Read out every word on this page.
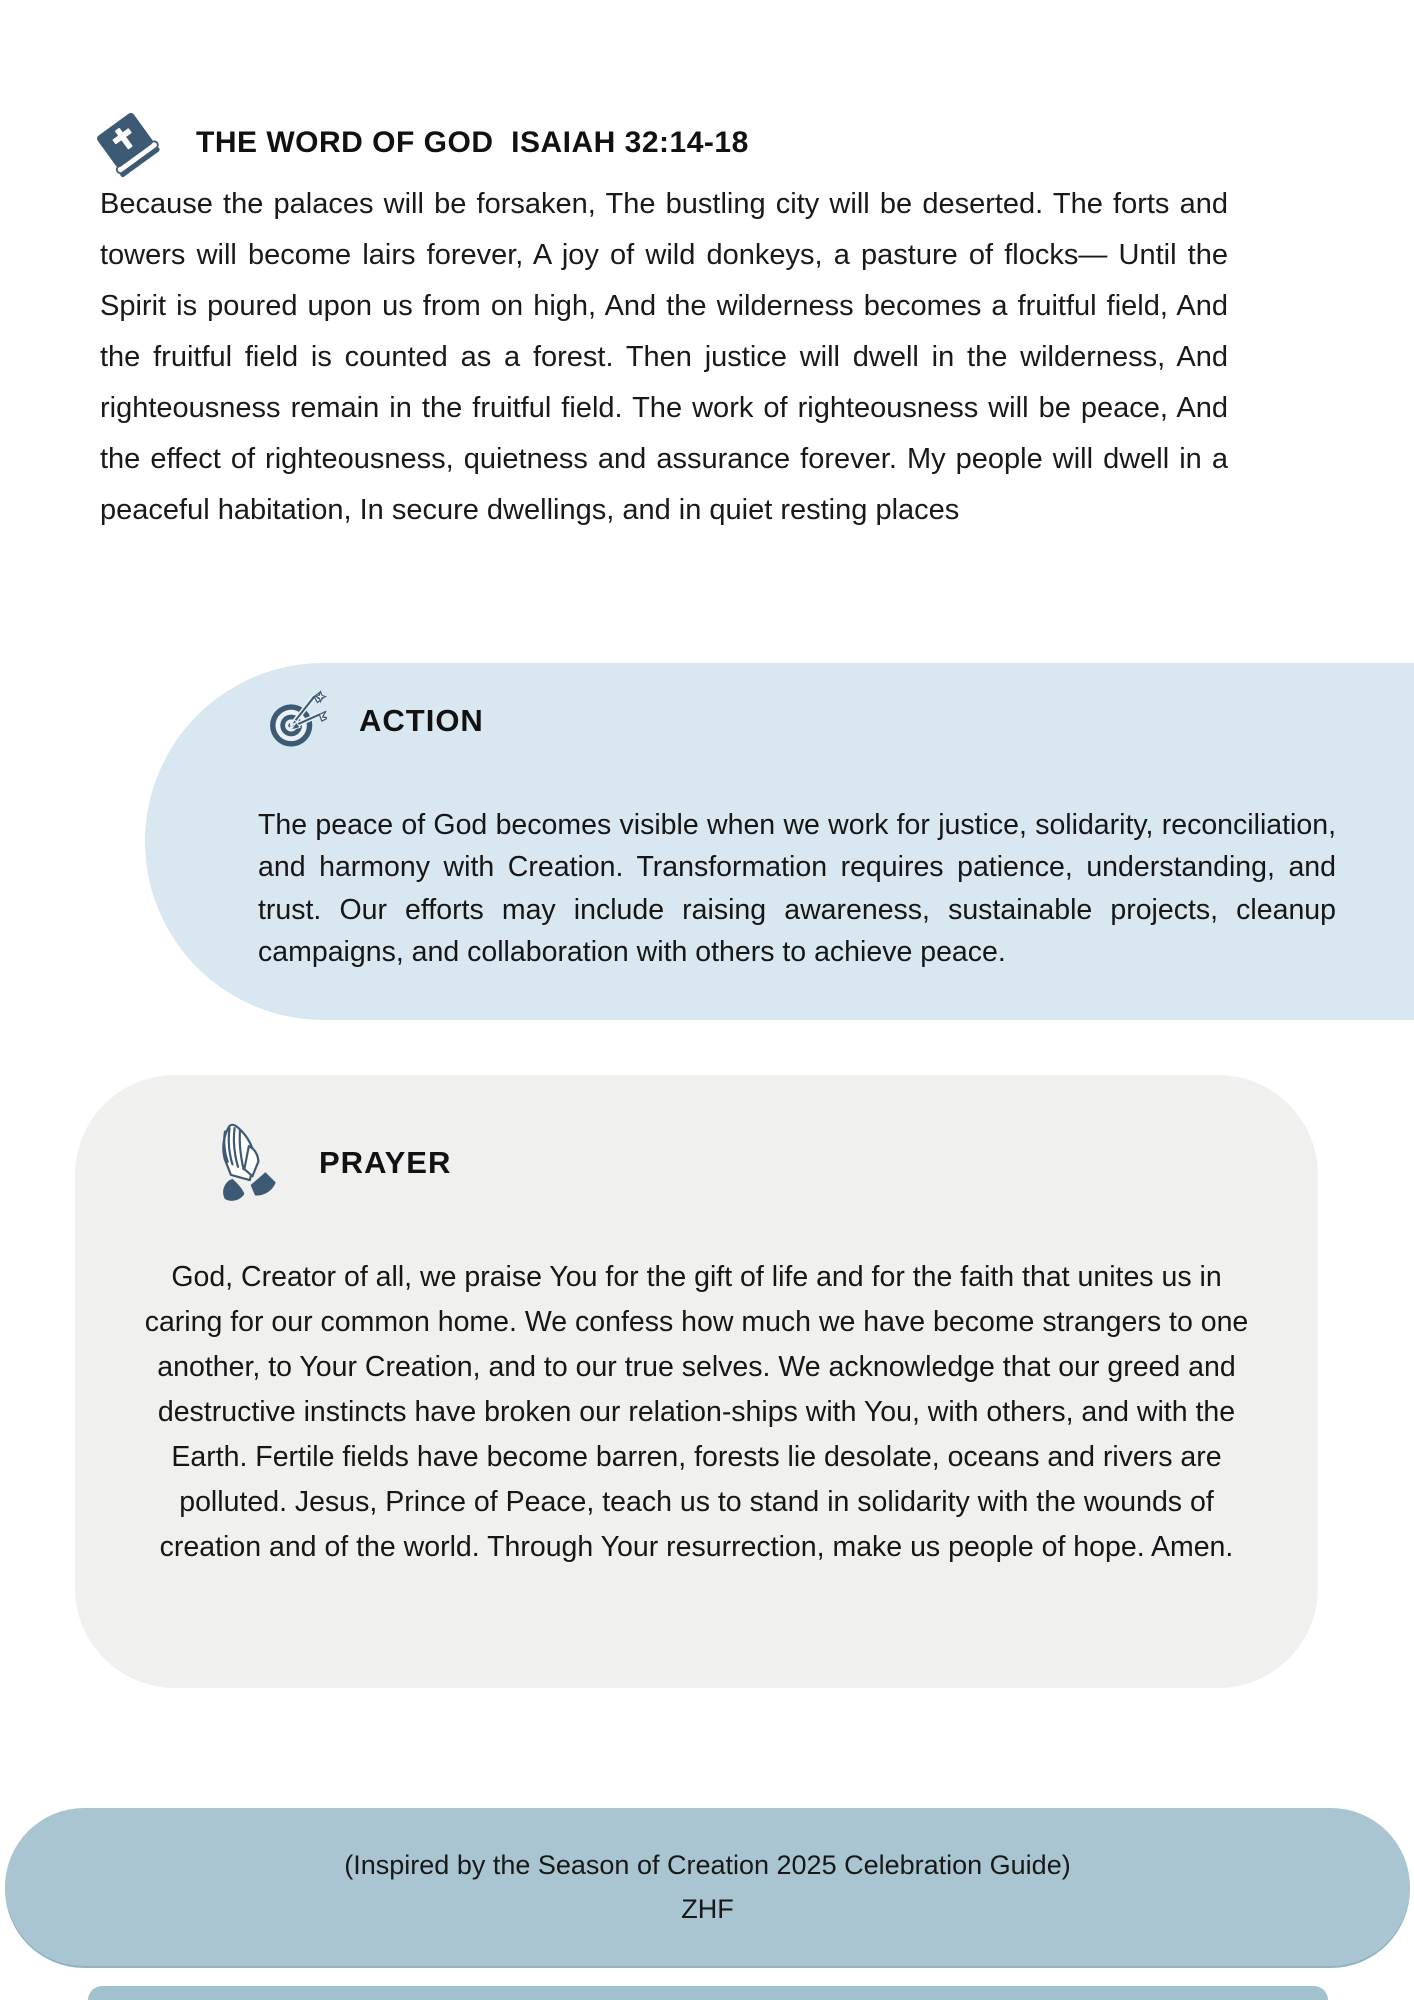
THE WORD OF GOD  ISAIAH 32:14-18

Because the palaces will be forsaken, The bustling city will be deserted. The forts and towers will become lairs forever, A joy of wild donkeys, a pasture of flocks— Until the Spirit is poured upon us from on high, And the wilderness becomes a fruitful field, And the fruitful field is counted as a forest. Then justice will dwell in the wilderness, And righteousness remain in the fruitful field. The work of righteousness will be peace, And the effect of righteousness, quietness and assurance forever. My people will dwell in a peaceful habitation, In secure dwellings, and in quiet resting places

ACTION

The peace of God becomes visible when we work for justice, solidarity, reconciliation, and harmony with Creation. Transformation requires patience, understanding, and trust. Our efforts may include raising awareness, sustainable projects, cleanup campaigns, and collaboration with others to achieve peace.

PRAYER

God, Creator of all, we praise You for the gift of life and for the faith that unites us in caring for our common home. We confess how much we have become strangers to one another, to Your Creation, and to our true selves. We acknowledge that our greed and destructive instincts have broken our relation-ships with You, with others, and with the Earth. Fertile fields have become barren, forests lie desolate, oceans and rivers are polluted. Jesus, Prince of Peace, teach us to stand in solidarity with the wounds of creation and of the world. Through Your resurrection, make us people of hope. Amen.

(Inspired by the Season of Creation 2025 Celebration Guide)
ZHF
